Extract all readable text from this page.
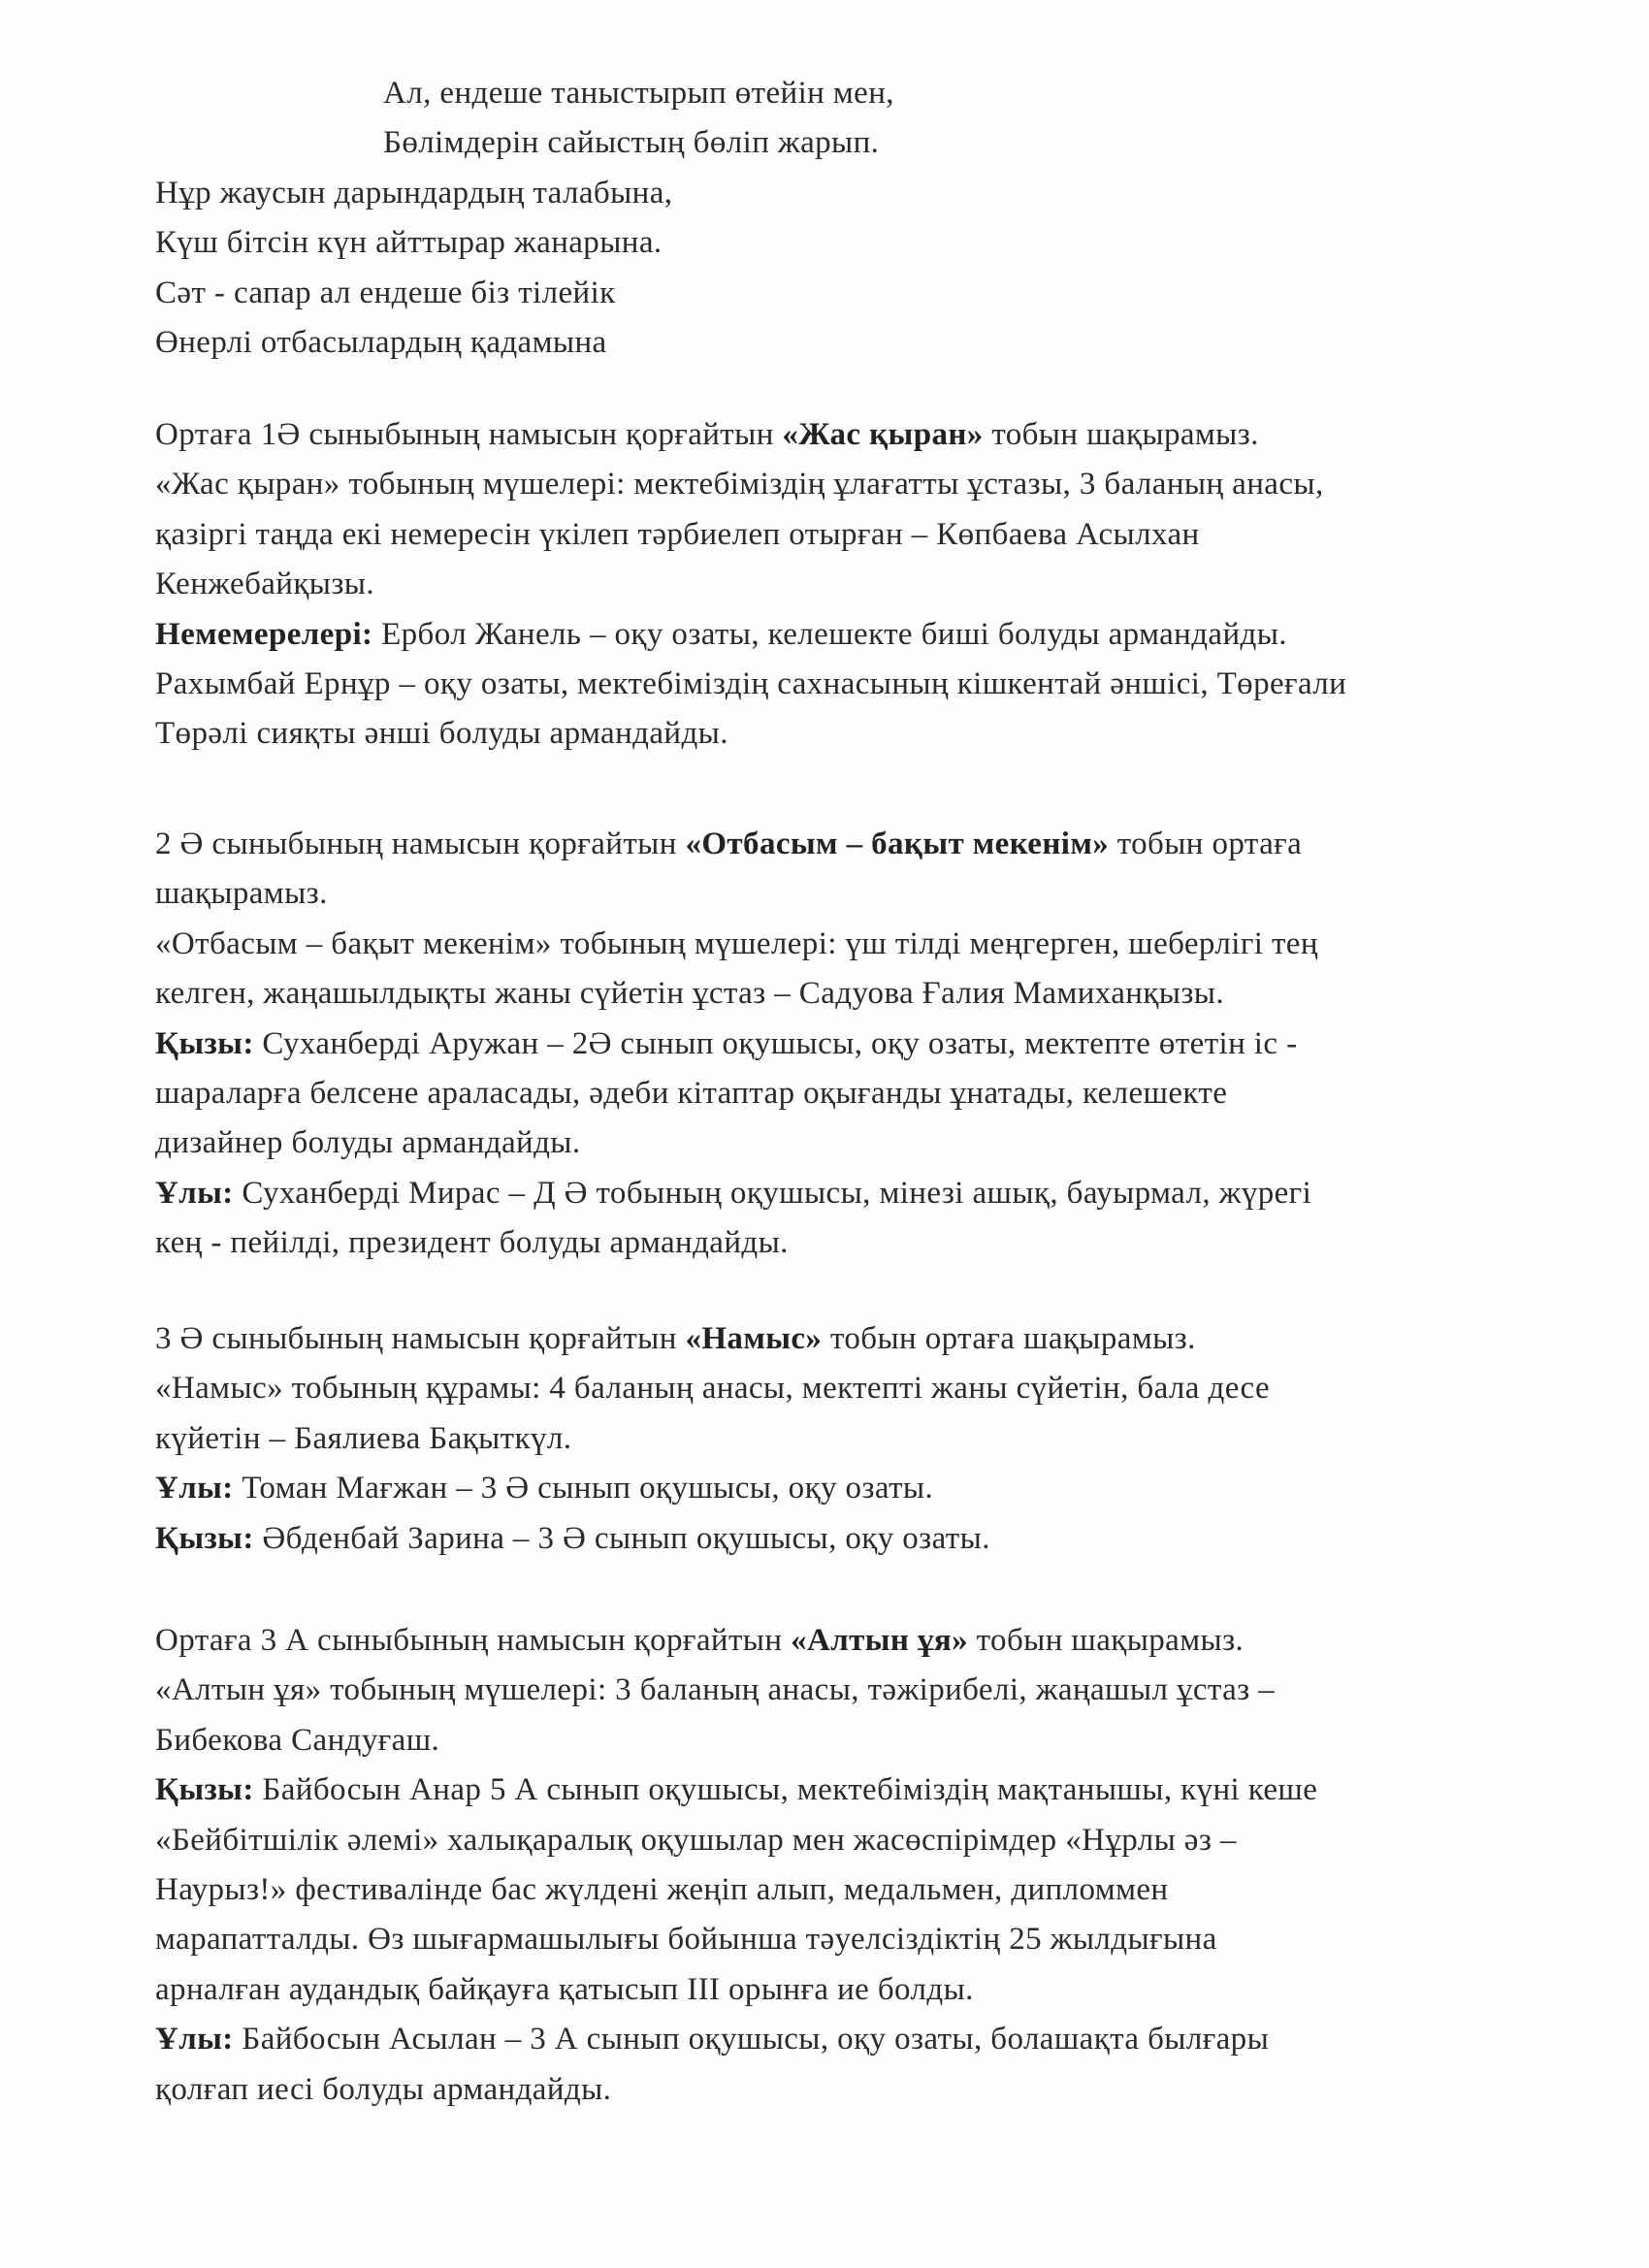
Ал, ендеше таныстырып өтейін мен,
Бөлімдерін сайыстың бөліп жарып.
Нұр жаусын дарындардың талабына,
Күш бітсін күн айттырар жанарына.
Сәт - сапар ал ендеше біз тілейік
Өнерлі отбасылардың қадамына
Ортаға 1Ә сыныбының намысын қорғайтын «Жас қыран» тобын шақырамыз.
«Жас қыран» тобының мүшелері: мектебіміздің ұлағатты ұстазы, 3 баланың анасы,
қазіргі таңда екі немересін үкілеп тәрбиелеп отырған – Көпбаева Асылхан
Кенжебайқызы.
Немемерелері: Ербол Жанель – оқу озаты, келешекте биші болуды армандайды.
Рахымбай Ернұр – оқу озаты, мектебіміздің сахнасының кішкентай әншісі, Төреғали
Төрәлі сияқты әнші болуды армандайды.
2 Ә сыныбының намысын қорғайтын «Отбасым – бақыт мекенім» тобын ортаға
шақырамыз.
«Отбасым – бақыт мекенім» тобының мүшелері: үш тілді меңгерген, шеберлігі тең
келген, жаңашылдықты жаны сүйетін ұстаз – Садуова Ғалия Мамиханқызы.
Қызы: Суханберді Аружан – 2Ә сынып оқушысы, оқу озаты, мектепте өтетін іс -
шараларға белсене араласады, әдеби кітаптар оқығанды ұнатады, келешекте
дизайнер болуды армандайды.
Ұлы: Суханберді Мирас – Д Ә тобының оқушысы, мінезі ашық, бауырмал, жүрегі
кең - пейілді, президент болуды армандайды.
3 Ә сыныбының намысын қорғайтын «Намыс» тобын ортаға шақырамыз.
«Намыс» тобының құрамы: 4 баланың анасы, мектепті жаны сүйетін, бала десе
күйетін – Баялиева Бақыткүл.
Ұлы: Томан Мағжан – 3 Ә сынып оқушысы, оқу озаты.
Қызы: Әбденбай Зарина – 3 Ә сынып оқушысы, оқу озаты.
Ортаға 3 А сыныбының намысын қорғайтын «Алтын ұя» тобын шақырамыз.
«Алтын ұя» тобының мүшелері: 3 баланың анасы, тәжірибелі, жаңашыл ұстаз –
Бибекова Сандуғаш.
Қызы: Байбосын Анар 5 А сынып оқушысы, мектебіміздің мақтанышы, күні кеше
«Бейбітшілік әлемі» халықаралық оқушылар мен жасөспірімдер «Нұрлы әз –
Наурыз!» фестивалінде бас жүлдені жеңіп алып, медальмен, дипломмен
марапатталды. Өз шығармашылығы бойынша тәуелсіздіктің 25 жылдығына
арналған аудандық байқауға қатысып ІІІ орынға ие болды.
Ұлы: Байбосын Асылан – 3 А сынып оқушысы, оқу озаты, болашақта былғары
қолғап иесі болуды армандайды.
